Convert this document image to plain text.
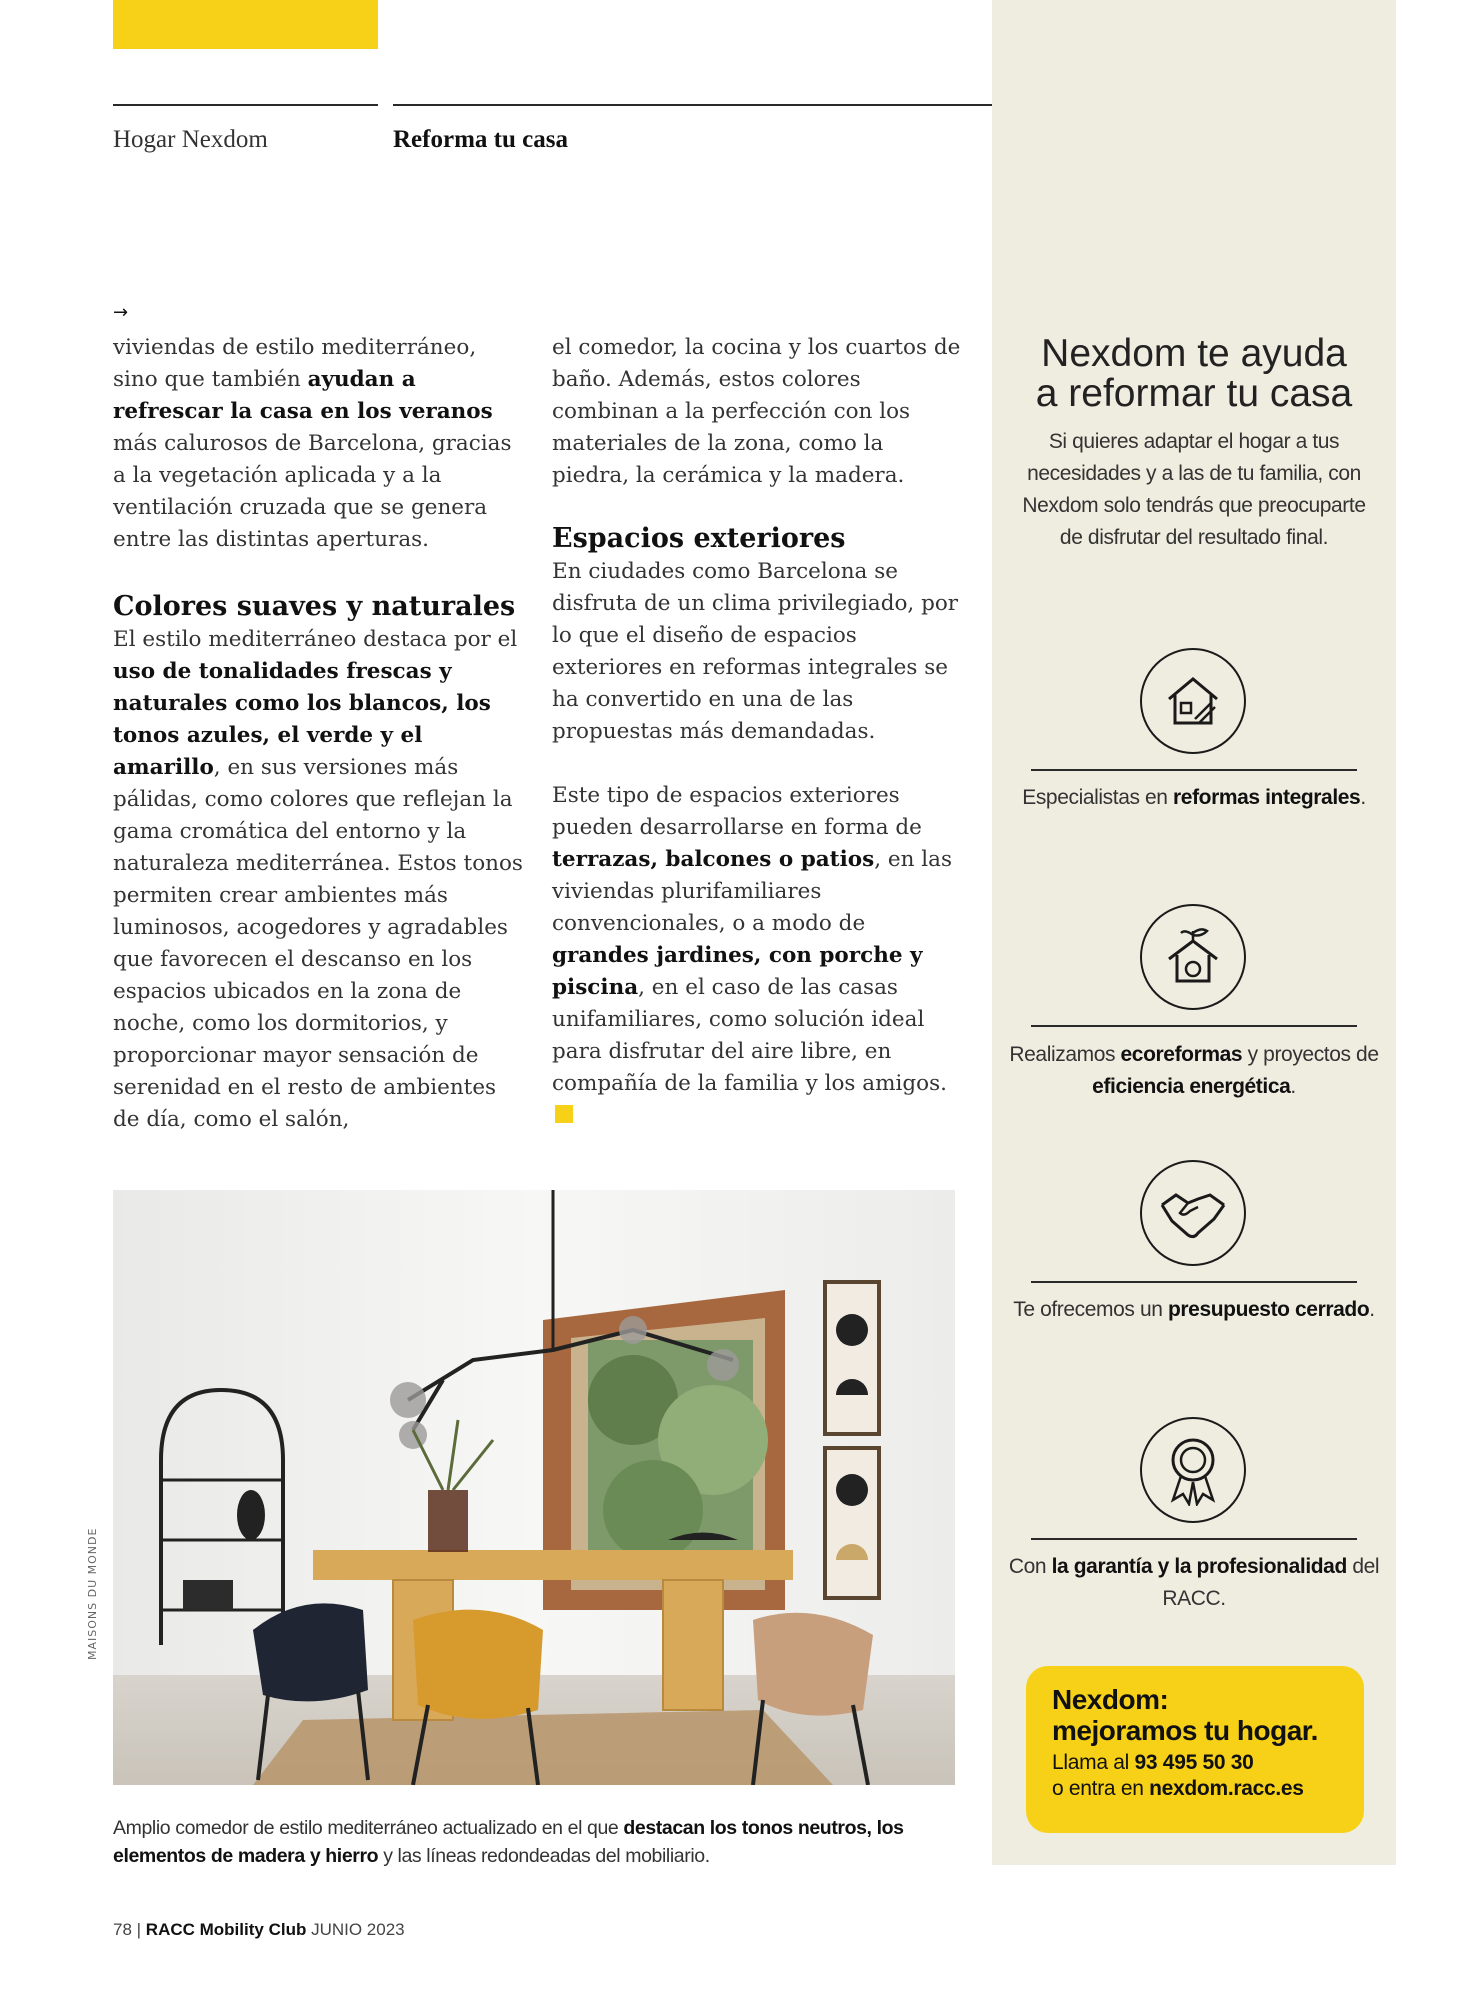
Hogar Nexdom	Reforma tu casa
→

viviendas de estilo mediterráneo, sino que también ayudan a refrescar la casa en los veranos más calurosos de Barcelona, gracias a la vegetación aplicada y a la ventilación cruzada que se genera entre las distintas aperturas.

Colores suaves y naturales

El estilo mediterráneo destaca por el uso de tonalidades frescas y naturales como los blancos, los tonos azules, el verde y el amarillo, en sus versiones más pálidas, como colores que reflejan la gama cromática del entorno y la naturaleza mediterránea. Estos tonos permiten crear ambientes más luminosos, acogedores y agradables que favorecen el descanso en los espacios ubicados en la zona de noche, como los dormitorios, y proporcionar mayor sensación de serenidad en el resto de ambientes de día, como el salón,

el comedor, la cocina y los cuartos de baño. Además, estos colores combinan a la perfección con los materiales de la zona, como la piedra, la cerámica y la madera.

Espacios exteriores

En ciudades como Barcelona se disfruta de un clima privilegiado, por lo que el diseño de espacios exteriores en reformas integrales se ha convertido en una de las propuestas más demandadas.

Este tipo de espacios exteriores pueden desarrollarse en forma de terrazas, balcones o patios, en las viviendas plurifamiliares convencionales, o a modo de grandes jardines, con porche y piscina, en el caso de las casas unifamiliares, como solución ideal para disfrutar del aire libre, en compañía de la familia y los amigos.

MAISONS DU MONDE
Amplio comedor de estilo mediterráneo actualizado en el que destacan los tonos neutros, los elementos de madera y hierro y las líneas redondeadas del mobiliario.
Nexdom te ayuda
a reformar tu casa
Si quieres adaptar el hogar a tus necesidades y a las de tu familia, con Nexdom solo tendrás que preocuparte de disfrutar del resultado final.
Especialistas en reformas integrales.
Realizamos ecoreformas y proyectos de eficiencia energética.
Te ofrecemos un presupuesto cerrado.
Con la garantía y la profesionalidad del RACC.
Nexdom:
mejoramos tu hogar.
Llama al 93 495 50 30
o entra en nexdom.racc.es
78 | RACC Mobility Club JUNIO 2023
